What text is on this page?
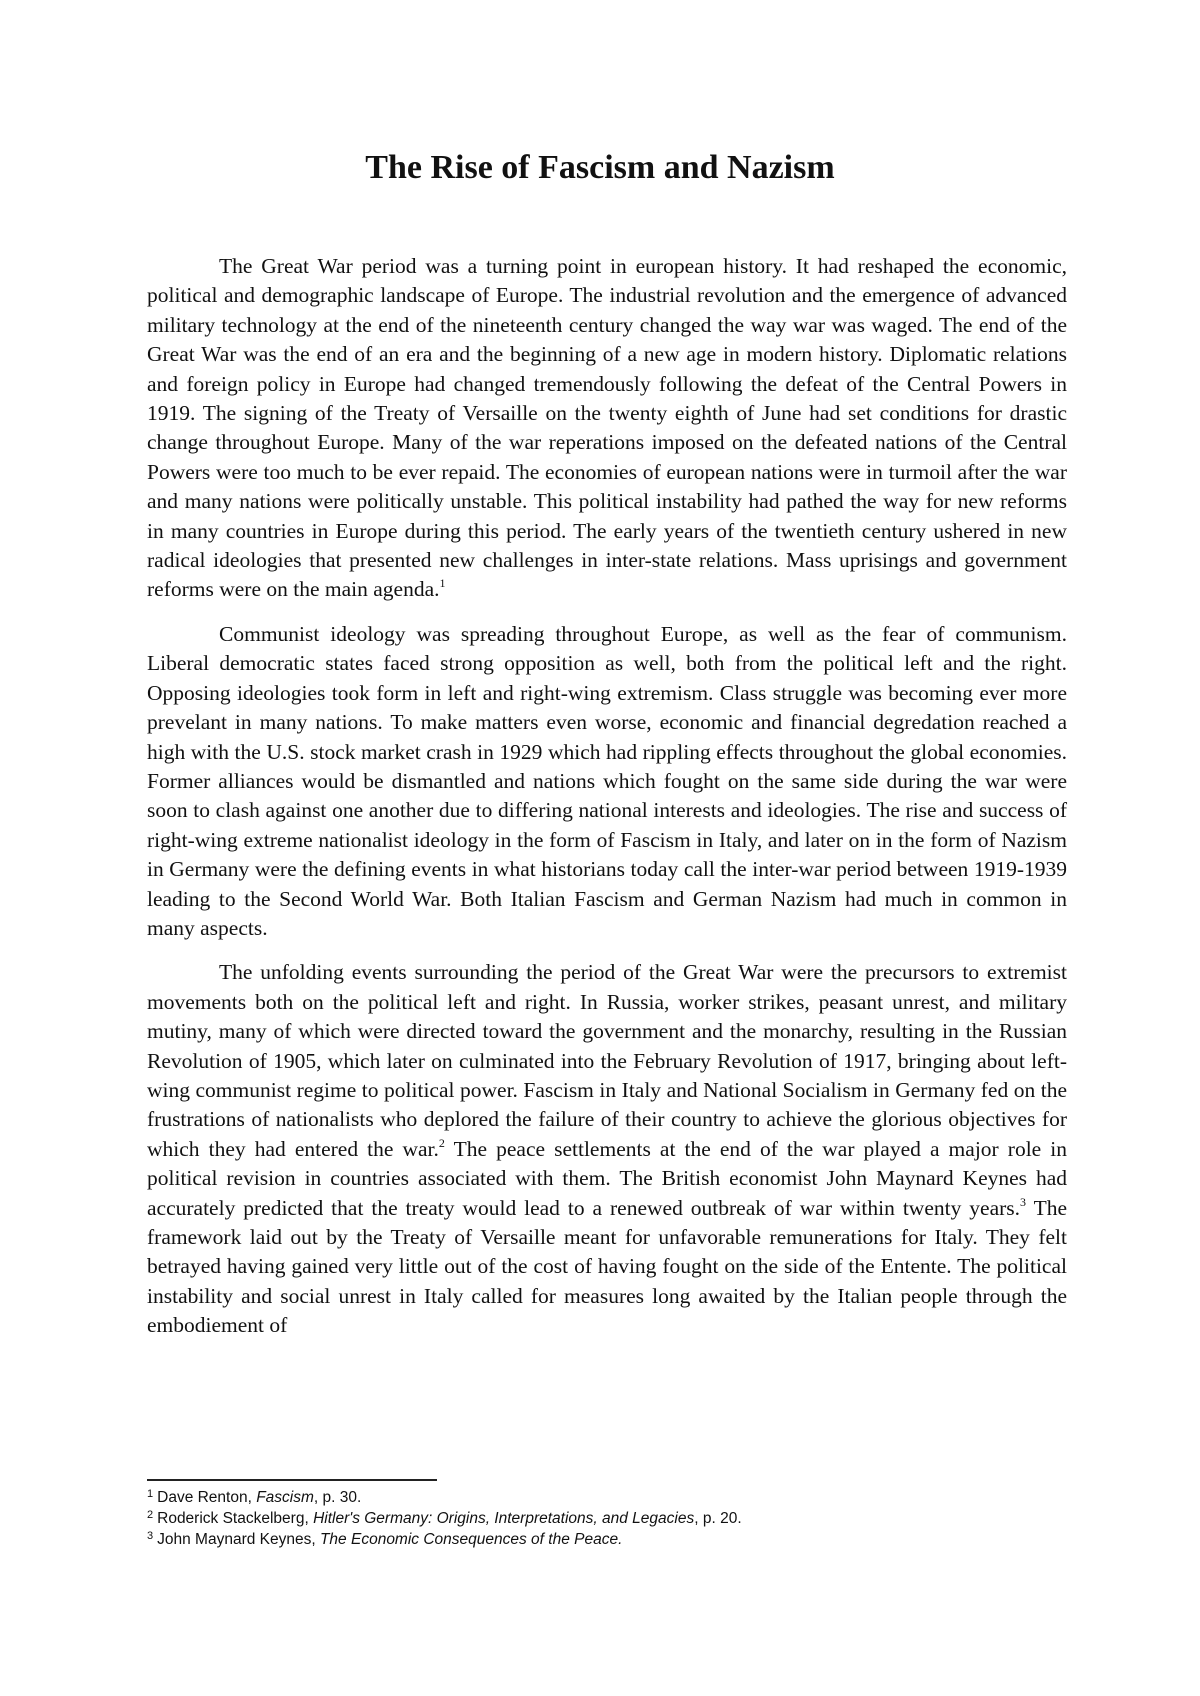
The Rise of Fascism and Nazism

The Great War period was a turning point in european history. It had reshaped the economic, political and demographic landscape of Europe. The industrial revolution and the emergence of advanced military technology at the end of the nineteenth century changed the way war was waged. The end of the Great War was the end of an era and the beginning of a new age in modern history. Diplomatic relations and foreign policy in Europe had changed tremendously following the defeat of the Central Powers in 1919. The signing of the Treaty of Versaille on the twenty eighth of June had set conditions for drastic change throughout Europe. Many of the war reperations imposed on the defeated nations of the Central Powers were too much to be ever repaid. The economies of european nations were in turmoil after the war and many nations were politically unstable. This political instability had pathed the way for new reforms in many countries in Europe during this period. The early years of the twentieth century ushered in new radical ideologies that presented new challenges in inter-state relations. Mass uprisings and government reforms were on the main agenda.$^1$

Communist ideology was spreading throughout Europe, as well as the fear of communism. Liberal democratic states faced strong opposition as well, both from the political left and the right. Opposing ideologies took form in left and right-wing extremism. Class struggle was becoming ever more prevelant in many nations. To make matters even worse, economic and financial degredation reached a high with the U.S. stock market crash in 1929 which had rippling effects throughout the global economies. Former alliances would be dismantled and nations which fought on the same side during the war were soon to clash against one another due to differing national interests and ideologies. The rise and success of right-wing extreme nationalist ideology in the form of Fascism in Italy, and later on in the form of Nazism in Germany were the defining events in what historians today call the inter-war period between 1919-1939 leading to the Second World War. Both Italian Fascism and German Nazism had much in common in many aspects.

The unfolding events surrounding the period of the Great War were the precursors to extremist movements both on the political left and right. In Russia, worker strikes, peasant unrest, and military mutiny, many of which were directed toward the government and the monarchy, resulting in the Russian Revolution of 1905, which later on culminated into the February Revolution of 1917, bringing about left-wing communist regime to political power. Fascism in Italy and National Socialism in Germany fed on the frustrations of nationalists who deplored the failure of their country to achieve the glorious objectives for which they had entered the war.$^2$ The peace settlements at the end of the war played a major role in political revision in countries associated with them. The British economist John Maynard Keynes had accurately predicted that the treaty would lead to a renewed outbreak of war within twenty years.$^3$ The framework laid out by the Treaty of Versaille meant for unfavorable remunerations for Italy. They felt betrayed having gained very little out of the cost of having fought on the side of the Entente. The political instability and social unrest in Italy called for measures long awaited by the Italian people through the embodiement of

$^1$ Dave Renton, Fascism, p. 30.
$^2$ Roderick Stackelberg, Hitler's Germany: Origins, Interpretations, and Legacies, p. 20.
$^3$ John Maynard Keynes, The Economic Consequences of the Peace.
